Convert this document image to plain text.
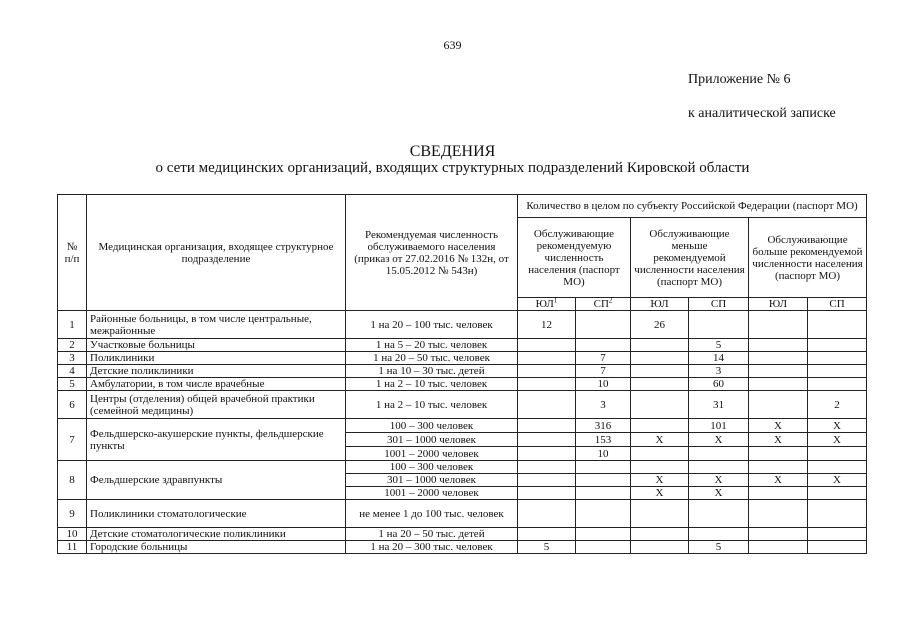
639
Приложение № 6
к аналитической записке
СВЕДЕНИЯ
о сети медицинских организаций, входящих структурных подразделений Кировской области
№ п/п	Медицинская организация, входящее структурное подразделение	Рекомендуемая численность обслуживаемого населения (приказ от 27.02.2016 № 132н, от 15.05.2012 № 543н)	Количество в целом по субъекту Российской Федерации (паспорт МО)					
			Обслуживающие рекомендуемую численность населения (паспорт МО)		Обслуживающие меньше рекомендуемой численности населения (паспорт МО)		Обслуживающие больше рекомендуемой численности населения (паспорт МО)	
			$ЮЛ^1$	$СП^2$	ЮЛ	СП	ЮЛ	СП
1	Районные больницы, в том числе центральные, межрайонные	1 на 20 – 100 тыс. человек	12		26			
2	Участковые больницы	1 на 5 – 20 тыс. человек				5		
3	Поликлиники	1 на 20 – 50 тыс. человек		7		14		
4	Детские поликлиники	1 на 10 – 30 тыс. детей		7		3		
5	Амбулатории, в том числе врачебные	1 на 2 – 10 тыс. человек		10		60		
6	Центры (отделения) общей врачебной практики (семейной медицины)	1 на 2 – 10 тыс. человек		3		31		2
7	Фельдшерско-акушерские пункты, фельдшерские пункты	100 – 300 человек		316		101	X	X
		301 – 1000 человек		153	X	X	X	X
		1001 – 2000 человек		10				
8	Фельдшерские здравпункты	100 – 300 человек						
		301 – 1000 человек			X	X	X	X
		1001 – 2000 человек			X	X		
9	Поликлиники стоматологические	не менее 1 до 100 тыс. человек						
10	Детские стоматологические поликлиники	1 на 20 – 50 тыс. детей						
11	Городские больницы	1 на 20 – 300 тыс. человек	5			5		
